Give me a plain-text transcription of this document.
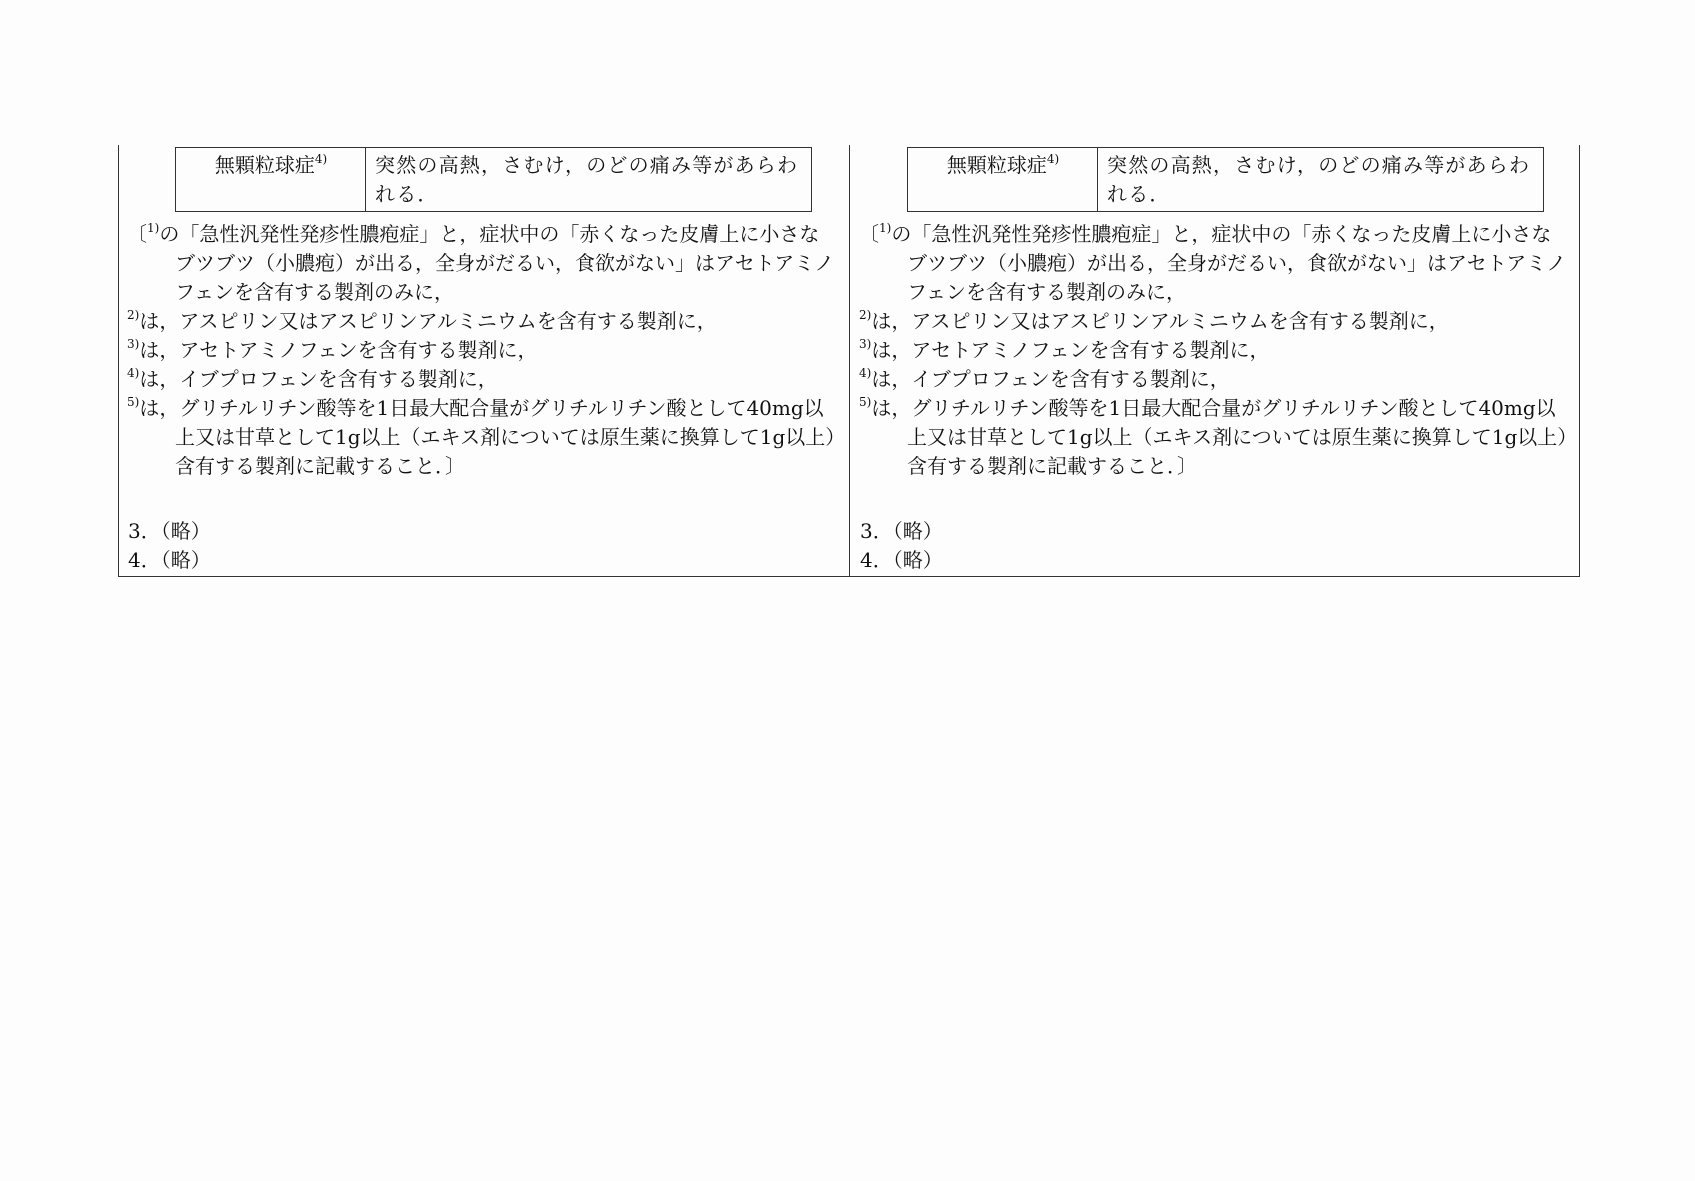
無顆粒球症$^{4)}$	突然の高熱，さむけ，のどの痛み等があらわれる．

〔$^{1)}$の「急性汎発性発疹性膿疱症」と，症状中の「赤くなった皮膚上に小さなブツブツ（小膿疱）が出る，全身がだるい，食欲がない」はアセトアミノフェンを含有する製剤のみに，

$^{2)}$は，アスピリン又はアスピリンアルミニウムを含有する製剤に，

$^{3)}$は，アセトアミノフェンを含有する製剤に，

$^{4)}$は，イブプロフェンを含有する製剤に，

$^{5)}$は，グリチルリチン酸等を1日最大配合量がグリチルリチン酸として40mg以上又は甘草として1g以上（エキス剤については原生薬に換算して1g以上）含有する製剤に記載すること．〕

3．（略）

4．（略）

無顆粒球症$^{4)}$	突然の高熱，さむけ，のどの痛み等があらわれる．

〔$^{1)}$の「急性汎発性発疹性膿疱症」と，症状中の「赤くなった皮膚上に小さなブツブツ（小膿疱）が出る，全身がだるい，食欲がない」はアセトアミノフェンを含有する製剤のみに，

$^{2)}$は，アスピリン又はアスピリンアルミニウムを含有する製剤に，

$^{3)}$は，アセトアミノフェンを含有する製剤に，

$^{4)}$は，イブプロフェンを含有する製剤に，

$^{5)}$は，グリチルリチン酸等を1日最大配合量がグリチルリチン酸として40mg以上又は甘草として1g以上（エキス剤については原生薬に換算して1g以上）含有する製剤に記載すること．〕

3．（略）

4．（略）
